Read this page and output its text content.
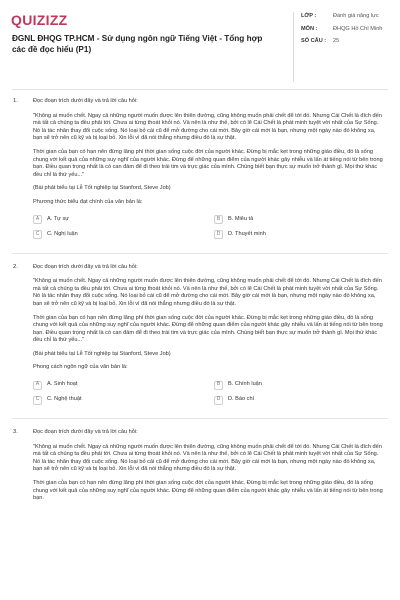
QUIZIZZ
ĐGNL ĐHQG TP.HCM - Sử dụng ngôn ngữ Tiếng Việt - Tổng hợp các đề đọc hiểu (P1)
LỚP :	Đánh giá năng lực
MÔN :	ĐHQG Hồ Chí Minh
SỐ CÂU :	25
1.	Đọc đoạn trích dưới đây và trả lời câu hỏi:

"Không ai muốn chết. Ngay cả những người muốn được lên thiên đường, cũng không muốn phải chết để tới đó. Nhưng Cái Chết là đích đến mà tất cả chúng ta đều phải tới. Chưa ai từng thoát khỏi nó. Và nên là như thế, bởi có lẽ Cái Chết là phát minh tuyệt vời nhất của Sự Sống. Nó là tác nhân thay đổi cuộc sống. Nó loại bỏ cái cũ để mở đường cho cái mới. Bây giờ cái mới là bạn, nhưng một ngày nào đó không xa, bạn sẽ trở nên cũ kỹ và bị loại bỏ. Xin lỗi vì đã nói thẳng nhưng điều đó là sự thật.

Thời gian của bạn có hạn nên đừng lãng phí thời gian sống cuộc đời của người khác. Đừng bị mắc kẹt trong những giáo điều, đó là sống chung với kết quả của những suy nghĩ của người khác. Đừng để những quan điểm của người khác gây nhiễu và lấn át tiếng nói từ bên trong bạn. Điều quan trọng nhất là có can đảm để đi theo trái tim và trực giác của mình. Chúng biết bạn thực sự muốn trở thành gì. Mọi thứ khác đều chỉ là thứ yếu..."

(Bài phát biểu tại Lễ Tốt nghiệp tại Stanford, Steve Job)
Phương thức biểu đạt chính của văn bản là:
A	A. Tự sự	B	B. Miêu tả
C	C. Nghị luận	D	D. Thuyết minh
2.	Đọc đoạn trích dưới đây và trả lời câu hỏi:

"Không ai muốn chết. Ngay cả những người muốn được lên thiên đường, cũng không muốn phải chết để tới đó. Nhưng Cái Chết là đích đến mà tất cả chúng ta đều phải tới. Chưa ai từng thoát khỏi nó. Và nên là như thế, bởi có lẽ Cái Chết là phát minh tuyệt vời nhất của Sự Sống. Nó là tác nhân thay đổi cuộc sống. Nó loại bỏ cái cũ để mở đường cho cái mới. Bây giờ cái mới là bạn, nhưng một ngày nào đó không xa, bạn sẽ trở nên cũ kỹ và bị loại bỏ. Xin lỗi vì đã nói thẳng nhưng điều đó là sự thật.

Thời gian của bạn có hạn nên đừng lãng phí thời gian sống cuộc đời của người khác. Đừng bị mắc kẹt trong những giáo điều, đó là sống chung với kết quả của những suy nghĩ của người khác. Đừng để những quan điểm của người khác gây nhiễu và lấn át tiếng nói từ bên trong bạn. Điều quan trọng nhất là có can đảm để đi theo trái tim và trực giác của mình. Chúng biết bạn thực sự muốn trở thành gì. Mọi thứ khác đều chỉ là thứ yếu..."

(Bài phát biểu tại Lễ Tốt nghiệp tại Stanford, Steve Job)
Phong cách ngôn ngữ của văn bản là:
A	A. Sinh hoạt	B	B. Chính luận
C	C. Nghệ thuật	D	D. Báo chí
3.	Đọc đoạn trích dưới đây và trả lời câu hỏi:

"Không ai muốn chết. Ngay cả những người muốn được lên thiên đường, cũng không muốn phải chết để tới đó. Nhưng Cái Chết là đích đến mà tất cả chúng ta đều phải tới. Chưa ai từng thoát khỏi nó. Và nên là như thế, bởi có lẽ Cái Chết là phát minh tuyệt vời nhất của Sự Sống. Nó là tác nhân thay đổi cuộc sống. Nó loại bỏ cái cũ để mở đường cho cái mới. Bây giờ cái mới là bạn, nhưng một ngày nào đó không xa, bạn sẽ trở nên cũ kỹ và bị loại bỏ. Xin lỗi vì đã nói thẳng nhưng điều đó là sự thật.

Thời gian của bạn có hạn nên đừng lãng phí thời gian sống cuộc đời của người khác. Đừng bị mắc kẹt trong những giáo điều, đó là sống chung với kết quả của những suy nghĩ của người khác. Đừng để những quan điểm của người khác gây nhiễu và lấn át tiếng nói từ bên trong bạn.
